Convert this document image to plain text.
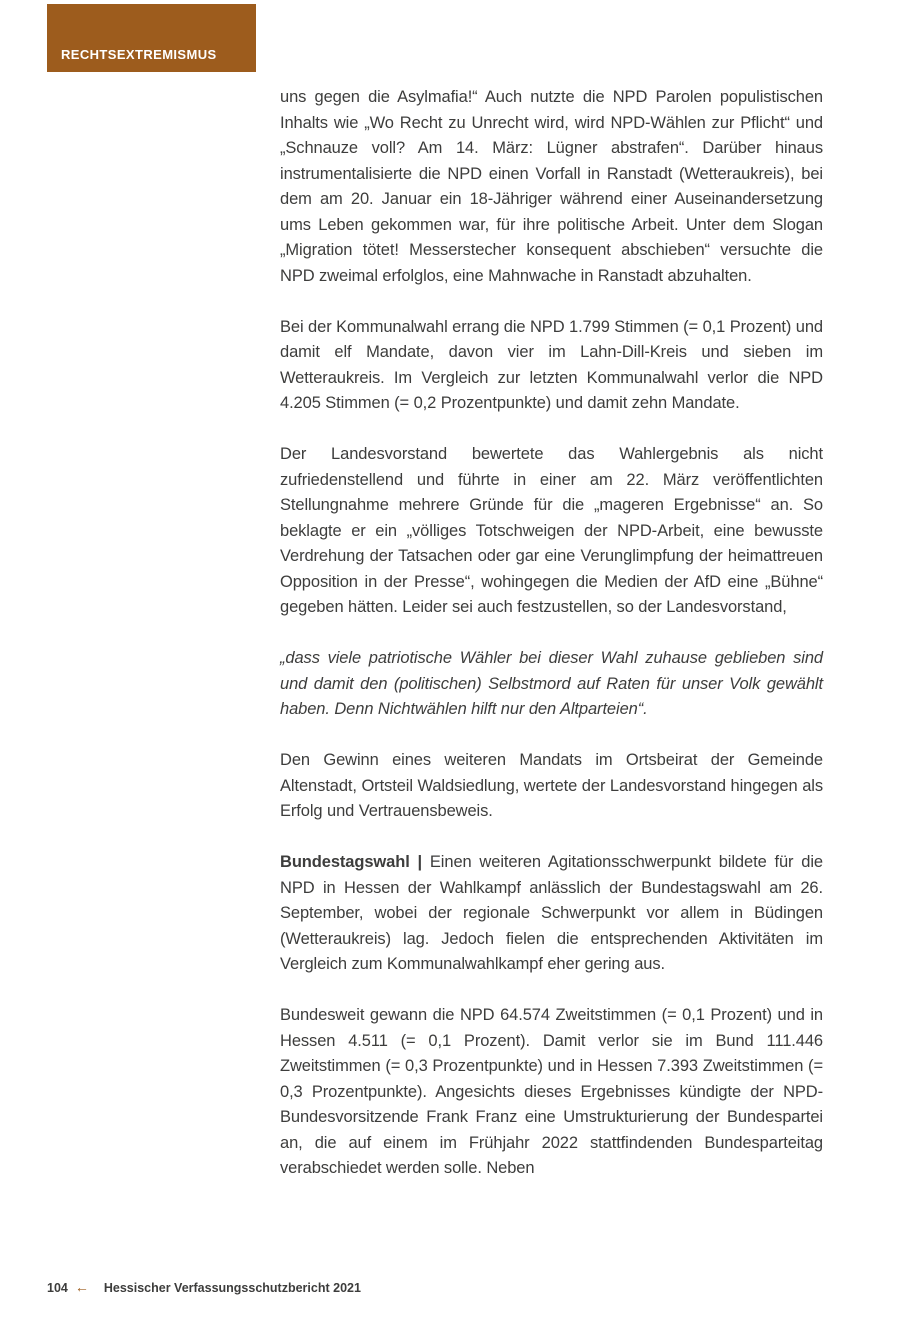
RECHTSEXTREMISMUS

uns gegen die Asylmafia!“ Auch nutzte die NPD Parolen populistischen Inhalts wie „Wo Recht zu Unrecht wird, wird NPD-Wählen zur Pflicht“ und „Schnauze voll? Am 14. März: Lügner abstrafen“. Darüber hinaus instrumentalisierte die NPD einen Vorfall in Ranstadt (Wetteraukreis), bei dem am 20. Januar ein 18-Jähriger während einer Auseinandersetzung ums Leben gekommen war, für ihre politische Arbeit. Unter dem Slogan „Migration tötet! Messerstecher konsequent abschieben“ versuchte die NPD zweimal erfolglos, eine Mahnwache in Ranstadt abzuhalten.

Bei der Kommunalwahl errang die NPD 1.799 Stimmen (= 0,1 Prozent) und damit elf Mandate, davon vier im Lahn-Dill-Kreis und sieben im Wetteraukreis. Im Vergleich zur letzten Kommunalwahl verlor die NPD 4.205 Stimmen (= 0,2 Prozentpunkte) und damit zehn Mandate.

Der Landesvorstand bewertete das Wahlergebnis als nicht zufriedenstellend und führte in einer am 22. März veröffentlichten Stellungnahme mehrere Gründe für die „mageren Ergebnisse“ an. So beklagte er ein „völliges Totschweigen der NPD-Arbeit, eine bewusste Verdrehung der Tatsachen oder gar eine Verunglimpfung der heimattreuen Opposition in der Presse“, wohingegen die Medien der AfD eine „Bühne“ gegeben hätten. Leider sei auch festzustellen, so der Landesvorstand,

„dass viele patriotische Wähler bei dieser Wahl zuhause geblieben sind und damit den (politischen) Selbstmord auf Raten für unser Volk gewählt haben. Denn Nichtwählen hilft nur den Altparteien“.

Den Gewinn eines weiteren Mandats im Ortsbeirat der Gemeinde Altenstadt, Ortsteil Waldsiedlung, wertete der Landesvorstand hingegen als Erfolg und Vertrauensbeweis.

Bundestagswahl | Einen weiteren Agitationsschwerpunkt bildete für die NPD in Hessen der Wahlkampf anlässlich der Bundestagswahl am 26. September, wobei der regionale Schwerpunkt vor allem in Büdingen (Wetteraukreis) lag. Jedoch fielen die entsprechenden Aktivitäten im Vergleich zum Kommunalwahlkampf eher gering aus.

Bundesweit gewann die NPD 64.574 Zweitstimmen (= 0,1 Prozent) und in Hessen 4.511 (= 0,1 Prozent). Damit verlor sie im Bund 111.446 Zweitstimmen (= 0,3 Prozentpunkte) und in Hessen 7.393 Zweitstimmen (= 0,3 Prozentpunkte). Angesichts dieses Ergebnisses kündigte der NPD-Bundesvorsitzende Frank Franz eine Umstrukturierung der Bundespartei an, die auf einem im Frühjahr 2022 stattfindenden Bundesparteitag verabschiedet werden solle. Neben

104 ← Hessischer Verfassungsschutzbericht 2021
